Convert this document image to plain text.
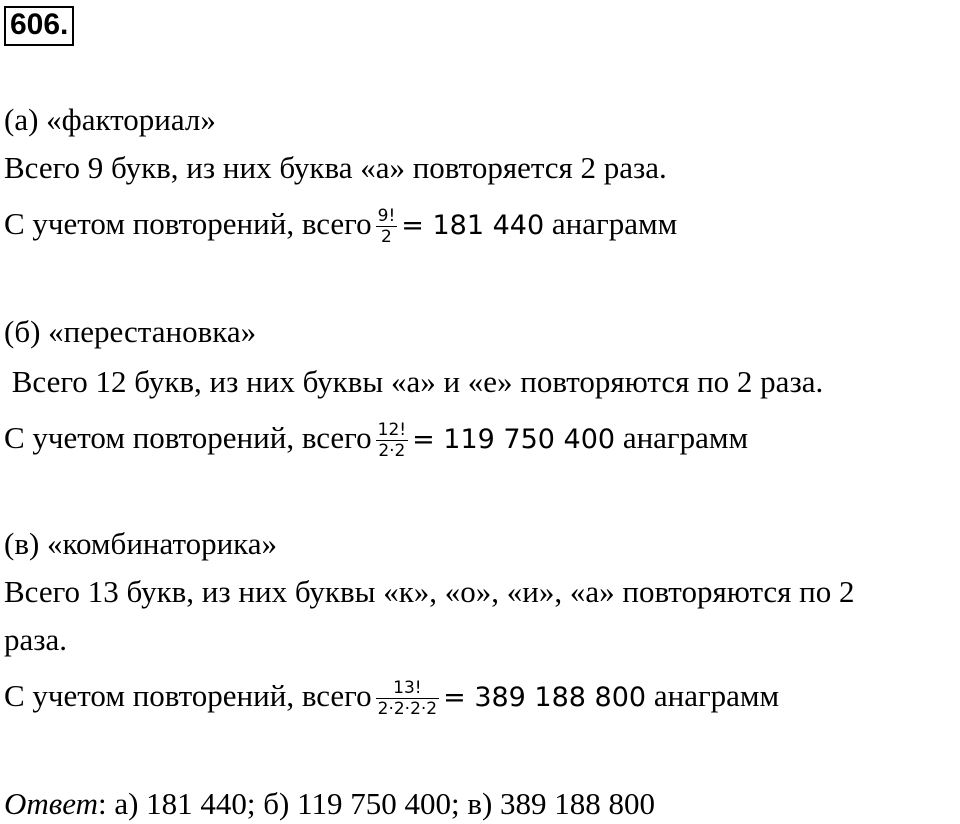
606.
(а) «факториал»
Всего 9 букв, из них буква «а» повторяется 2 раза.
С учетом повторений, всего $\frac{9!}{2} = 181$ 440 анаграмм
(б) «перестановка»
Всего 12 букв, из них буквы «а» и «е» повторяются по 2 раза.
С учетом повторений, всего $\frac{12!}{2\cdot 2} = 119$ 750 400 анаграмм
(в) «комбинаторика»
Всего 13 букв, из них буквы «к», «о», «и», «а» повторяются по 2
раза.
С учетом повторений, всего $\frac{13!}{2\cdot 2\cdot 2\cdot 2} = 389$ 188 800 анаграмм
Ответ: а) 181 440; б) 119 750 400; в) 389 188 800
